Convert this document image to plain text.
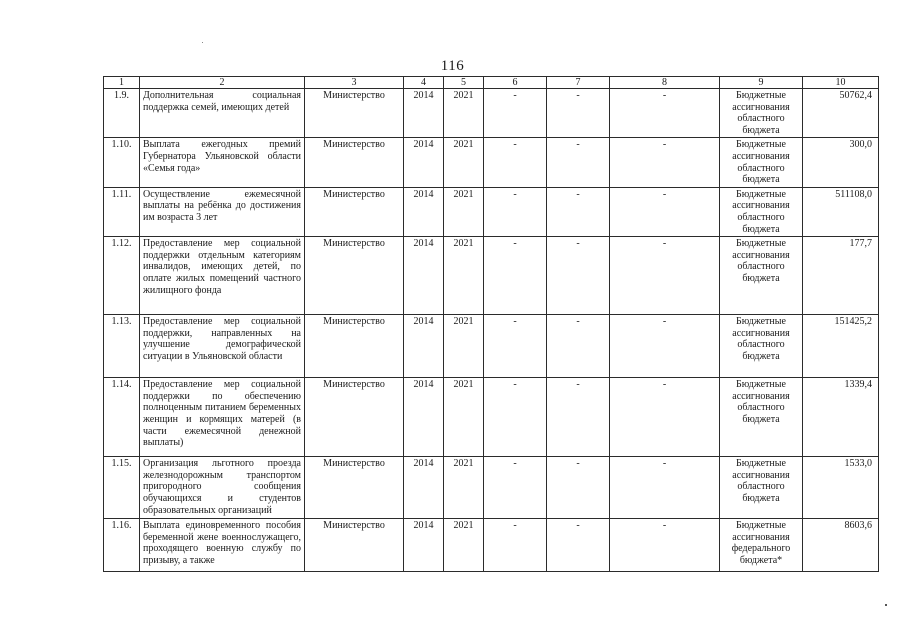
116
1	2	3	4	5	6	7	8	9	10
1.9.	Дополнительная социальная поддержка семей, имеющих детей	Министерство	2014	2021	-	-	-	Бюджетные ассигнования областного бюджета	50762,4
1.10.	Выплата ежегодных премий Губернатора Ульяновской области «Семья года»	Министерство	2014	2021	-	-	-	Бюджетные ассигнования областного бюджета	300,0
1.11.	Осуществление ежемесячной выплаты на ребёнка до достижения им возраста 3 лет	Министерство	2014	2021	-	-	-	Бюджетные ассигнования областного бюджета	511108,0
1.12.	Предоставление мер социальной поддержки отдельным категориям инвалидов, имеющих детей, по оплате жилых помещений частного жилищного фонда	Министерство	2014	2021	-	-	-	Бюджетные ассигнования областного бюджета	177,7
1.13.	Предоставление мер социальной поддержки, направленных на улучшение демографической ситуации в Ульяновской области	Министерство	2014	2021	-	-	-	Бюджетные ассигнования областного бюджета	151425,2
1.14.	Предоставление мер социальной поддержки по обеспечению полноценным питанием беременных женщин и кормящих матерей (в части ежемесячной денежной выплаты)	Министерство	2014	2021	-	-	-	Бюджетные ассигнования областного бюджета	1339,4
1.15.	Организация льготного проезда железнодорожным транспортом пригородного сообщения обучающихся и студентов образовательных организаций	Министерство	2014	2021	-	-	-	Бюджетные ассигнования областного бюджета	1533,0
1.16.	Выплата единовременного пособия беременной жене военнослужащего, проходящего военную службу по призыву, а также	Министерство	2014	2021	-	-	-	Бюджетные ассигнования федерального бюджета*	8603,6
